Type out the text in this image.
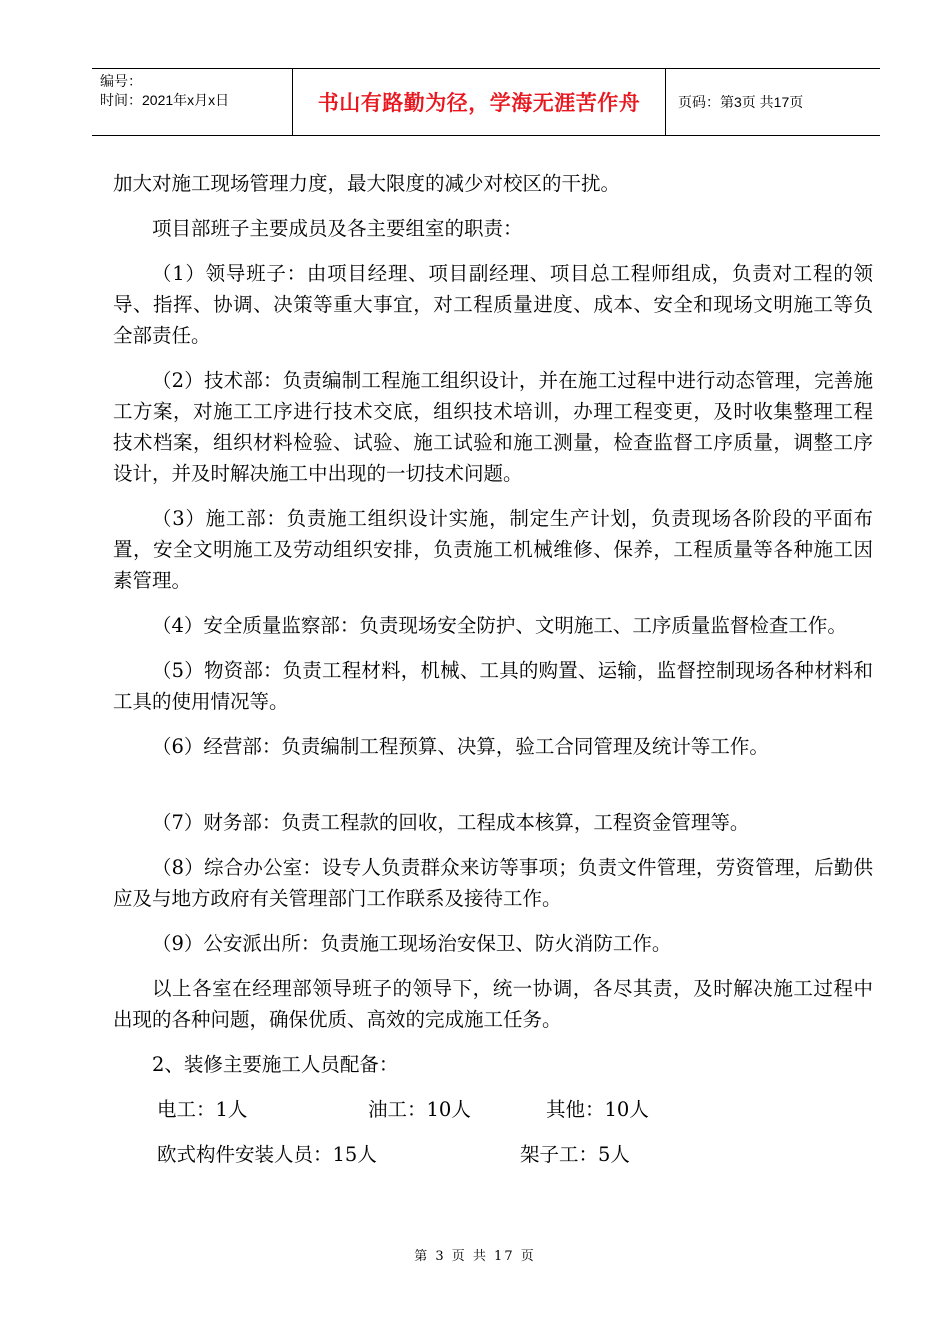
编号：
时间：2021年x月x日	书山有路勤为径，学海无涯苦作舟	页码：第3页 共17页

加大对施工现场管理力度，最大限度的减少对校区的干扰。

项目部班子主要成员及各主要组室的职责：

（1）领导班子：由项目经理、项目副经理、项目总工程师组成，负责对工程的领导、指挥、协调、决策等重大事宜，对工程质量进度、成本、安全和现场文明施工等负全部责任。

（2）技术部：负责编制工程施工组织设计，并在施工过程中进行动态管理，完善施工方案，对施工工序进行技术交底，组织技术培训，办理工程变更，及时收集整理工程技术档案，组织材料检验、试验、施工试验和施工测量，检查监督工序质量，调整工序设计，并及时解决施工中出现的一切技术问题。

（3）施工部：负责施工组织设计实施，制定生产计划，负责现场各阶段的平面布置，安全文明施工及劳动组织安排，负责施工机械维修、保养，工程质量等各种施工因素管理。

（4）安全质量监察部：负责现场安全防护、文明施工、工序质量监督检查工作。

（5）物资部：负责工程材料，机械、工具的购置、运输，监督控制现场各种材料和工具的使用情况等。

（6）经营部：负责编制工程预算、决算，验工合同管理及统计等工作。

（7）财务部：负责工程款的回收，工程成本核算，工程资金管理等。

（8）综合办公室：设专人负责群众来访等事项；负责文件管理，劳资管理，后勤供应及与地方政府有关管理部门工作联系及接待工作。

（9）公安派出所：负责施工现场治安保卫、防火消防工作。

以上各室在经理部领导班子的领导下，统一协调，各尽其责，及时解决施工过程中出现的各种问题，确保优质、高效的完成施工任务。

2、装修主要施工人员配备：

电工：1人	油工：10人	其他：10人
欧式构件安装人员：15人	架子工：5人
第 3 页 共 17 页
